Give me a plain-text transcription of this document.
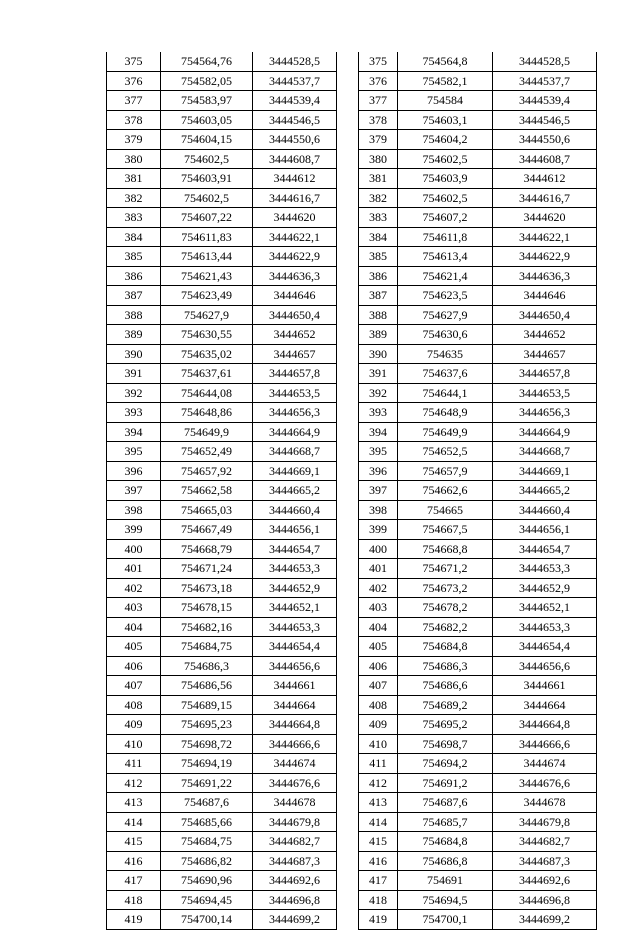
375	754564,76	3444528,5
376	754582,05	3444537,7
377	754583,97	3444539,4
378	754603,05	3444546,5
379	754604,15	3444550,6
380	754602,5	3444608,7
381	754603,91	3444612
382	754602,5	3444616,7
383	754607,22	3444620
384	754611,83	3444622,1
385	754613,44	3444622,9
386	754621,43	3444636,3
387	754623,49	3444646
388	754627,9	3444650,4
389	754630,55	3444652
390	754635,02	3444657
391	754637,61	3444657,8
392	754644,08	3444653,5
393	754648,86	3444656,3
394	754649,9	3444664,9
395	754652,49	3444668,7
396	754657,92	3444669,1
397	754662,58	3444665,2
398	754665,03	3444660,4
399	754667,49	3444656,1
400	754668,79	3444654,7
401	754671,24	3444653,3
402	754673,18	3444652,9
403	754678,15	3444652,1
404	754682,16	3444653,3
405	754684,75	3444654,4
406	754686,3	3444656,6
407	754686,56	3444661
408	754689,15	3444664
409	754695,23	3444664,8
410	754698,72	3444666,6
411	754694,19	3444674
412	754691,22	3444676,6
413	754687,6	3444678
414	754685,66	3444679,8
415	754684,75	3444682,7
416	754686,82	3444687,3
417	754690,96	3444692,6
418	754694,45	3444696,8
419	754700,14	3444699,2
375	754564,8	3444528,5
376	754582,1	3444537,7
377	754584	3444539,4
378	754603,1	3444546,5
379	754604,2	3444550,6
380	754602,5	3444608,7
381	754603,9	3444612
382	754602,5	3444616,7
383	754607,2	3444620
384	754611,8	3444622,1
385	754613,4	3444622,9
386	754621,4	3444636,3
387	754623,5	3444646
388	754627,9	3444650,4
389	754630,6	3444652
390	754635	3444657
391	754637,6	3444657,8
392	754644,1	3444653,5
393	754648,9	3444656,3
394	754649,9	3444664,9
395	754652,5	3444668,7
396	754657,9	3444669,1
397	754662,6	3444665,2
398	754665	3444660,4
399	754667,5	3444656,1
400	754668,8	3444654,7
401	754671,2	3444653,3
402	754673,2	3444652,9
403	754678,2	3444652,1
404	754682,2	3444653,3
405	754684,8	3444654,4
406	754686,3	3444656,6
407	754686,6	3444661
408	754689,2	3444664
409	754695,2	3444664,8
410	754698,7	3444666,6
411	754694,2	3444674
412	754691,2	3444676,6
413	754687,6	3444678
414	754685,7	3444679,8
415	754684,8	3444682,7
416	754686,8	3444687,3
417	754691	3444692,6
418	754694,5	3444696,8
419	754700,1	3444699,2
